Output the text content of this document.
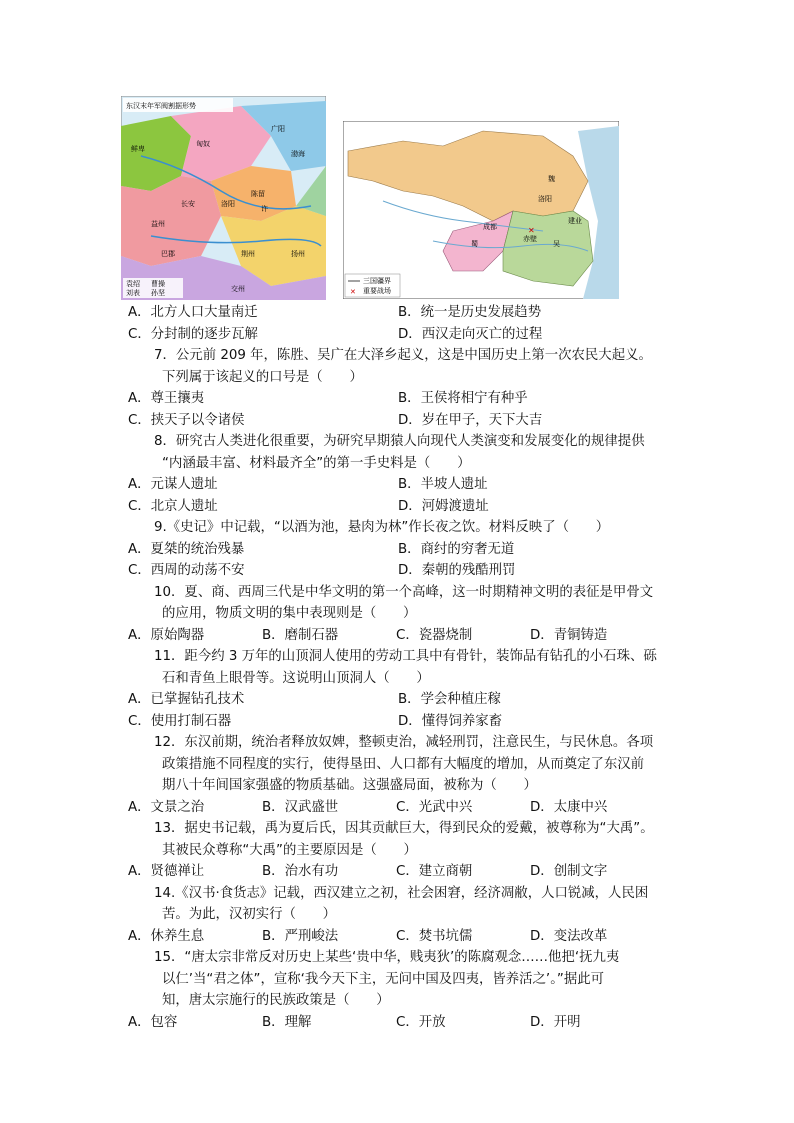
东汉末年军阀割据形势
鲜卑
匈奴
洛阳
长安
陈留
广阳
许
渤海
扬州
荆州
益州
巴郡
交州
袁绍 曹操
刘表 孙坚
魏
蜀	吴
洛阳
成都
建业
赤壁
✕
三国疆界
✕ 重要战场
A．北方人口大量南迁	B．统一是历史发展趋势
C．分封制的逐步瓦解	D．西汉走向灭亡的过程
7．公元前 209 年，陈胜、吴广在大泽乡起义，这是中国历史上第一次农民大起义。
下列属于该起义的口号是（　　）
A．尊王攘夷	B．王侯将相宁有种乎
C．挟天子以令诸侯	D．岁在甲子，天下大吉
8．研究古人类进化很重要，为研究早期猿人向现代人类演变和发展变化的规律提供
“内涵最丰富、材料最齐全”的第一手史料是（　　）
A．元谋人遗址	B．半坡人遗址
C．北京人遗址	D．河姆渡遗址
9.《史记》中记载，“以酒为池，悬肉为林”作长夜之饮。材料反映了（　　）
A．夏桀的统治残暴	B．商纣的穷奢无道
C．西周的动荡不安	D．秦朝的残酷刑罚
10．夏、商、西周三代是中华文明的第一个高峰，这一时期精神文明的表征是甲骨文
的应用，物质文明的集中表现则是（　　）
A．原始陶器	B．磨制石器	C．瓷器烧制	D．青铜铸造
11．距今约 3 万年的山顶洞人使用的劳动工具中有骨针，装饰品有钻孔的小石珠、砾
石和青鱼上眼骨等。这说明山顶洞人（　　）
A．已掌握钻孔技术	B．学会种植庄稼
C．使用打制石器	D．懂得饲养家畜
12．东汉前期，统治者释放奴婢，整顿吏治，减轻刑罚，注意民生，与民休息。各项
政策措施不同程度的实行，使得垦田、人口都有大幅度的增加，从而奠定了东汉前
期八十年间国家强盛的物质基础。这强盛局面，被称为（　　）
A．文景之治	B．汉武盛世	C．光武中兴	D．太康中兴
13．据史书记载，禹为夏后氏，因其贡献巨大，得到民众的爱戴，被尊称为“大禹”。
其被民众尊称“大禹”的主要原因是（　　）
A．贤德禅让	B．治水有功	C．建立商朝	D．创制文字
14.《汉书·食货志》记载，西汉建立之初，社会困窘，经济凋敝，人口锐减，人民困
苦。为此，汉初实行（　　）
A．休养生息	B．严刑峻法	C．焚书坑儒	D．变法改革
15．“唐太宗非常反对历史上某些‘贵中华，贱夷狄’的陈腐观念……他把‘抚九夷
以仁’当“君之体”，宣称‘我今天下主，无问中国及四夷，皆养活之’。”据此可
知，唐太宗施行的民族政策是（　　）
A．包容	B．理解	C．开放	D．开明
